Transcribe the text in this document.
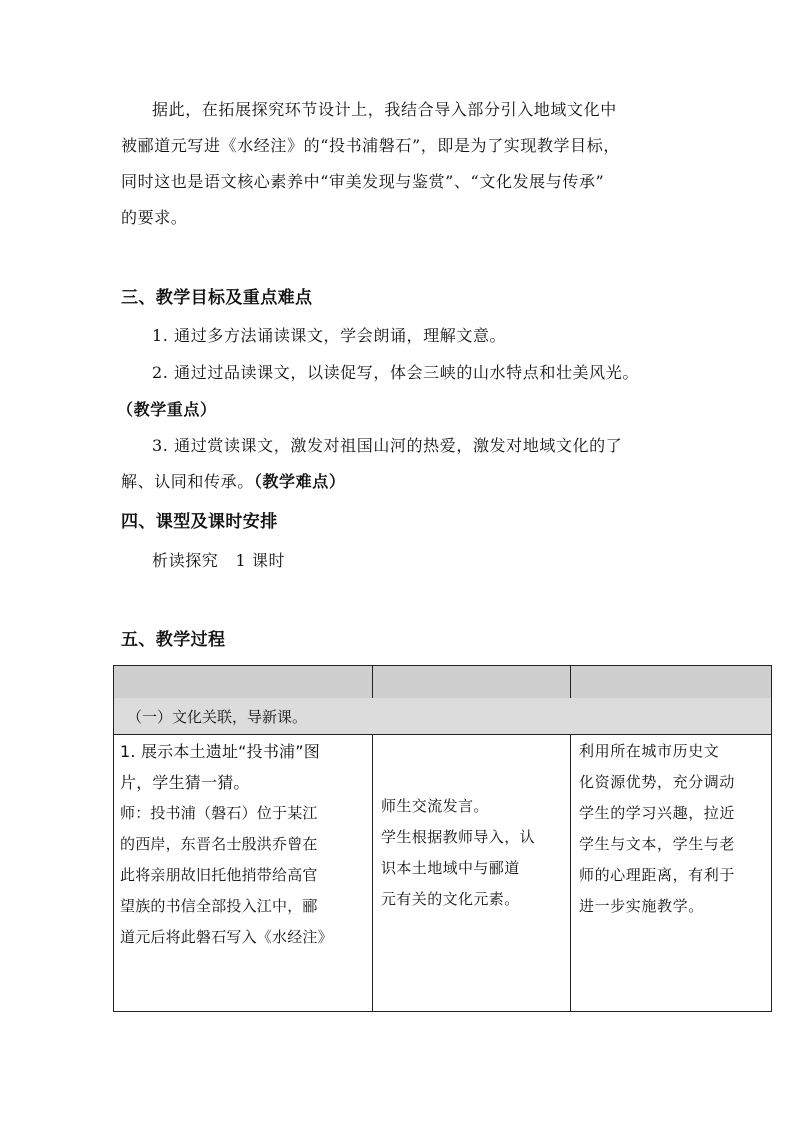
据此，在拓展探究环节设计上，我结合导入部分引入地域文化中
被郦道元写进《水经注》的“投书浦磐石”，即是为了实现教学目标，
同时这也是语文核心素养中“审美发现与鉴赏”、“文化发展与传承”
的要求。
三、教学目标及重点难点
1. 通过多方法诵读课文，学会朗诵，理解文意。
2. 通过过品读课文，以读促写，体会三峡的山水特点和壮美风光。
（教学重点）
3. 通过赏读课文，激发对祖国山河的热爱，激发对地域文化的了
解、认同和传承。（教学难点）
四、课型及课时安排
析读探究   1 课时
五、教学过程
（一）文化关联，导新课。
1. 展示本土遗址“投书浦”图
片，学生猜一猜。
师：投书浦（磐石）位于某江
的西岸，东晋名士殷洪乔曾在
此将亲朋故旧托他捎带给高官
望族的书信全部投入江中，郦
道元后将此磐石写入《水经注》
师生交流发言。
学生根据教师导入，认
识本土地域中与郦道
元有关的文化元素。
利用所在城市历史文
化资源优势，充分调动
学生的学习兴趣，拉近
学生与文本，学生与老
师的心理距离，有利于
进一步实施教学。
